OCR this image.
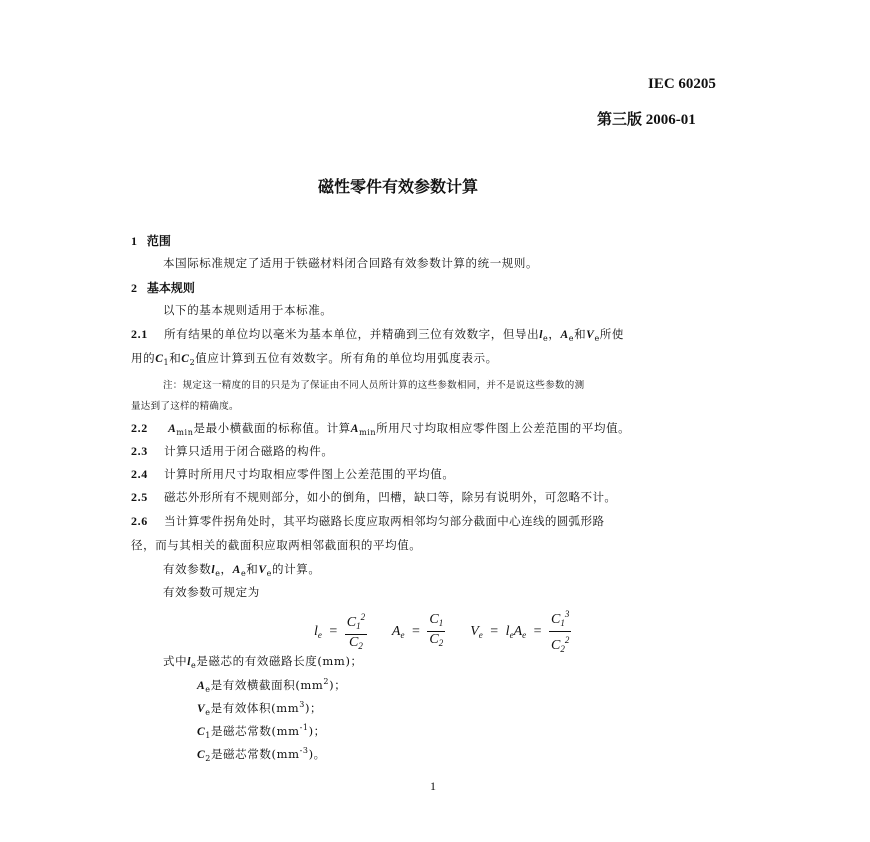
IEC 60205
第三版 2006-01
磁性零件有效参数计算
1 范围
本国际标准规定了适用于铁磁材料闭合回路有效参数计算的统一规则。
2 基本规则
以下的基本规则适用于本标准。
2.1 所有结果的单位均以毫米为基本单位，并精确到三位有效数字，但导出$l_e$，$A_e$和$V_e$所使
用的$C_1$和$C_2$值应计算到五位有效数字。所有角的单位均用弧度表示。
注：规定这一精度的目的只是为了保证由不同人员所计算的这些参数相同，并不是说这些参数的测
量达到了这样的精确度。
2.2 $A_{min}$是最小横截面的标称值。计算$A_{min}$所用尺寸均取相应零件图上公差范围的平均值。
2.3 计算只适用于闭合磁路的构件。
2.4 计算时所用尺寸均取相应零件图上公差范围的平均值。
2.5 磁芯外形所有不规则部分，如小的倒角，凹槽，缺口等，除另有说明外，可忽略不计。
2.6 当计算零件拐角处时，其平均磁路长度应取两相邻均匀部分截面中心连线的圆弧形路
径，而与其相关的截面积应取两相邻截面积的平均值。
有效参数$l_e$，$A_e$和$V_e$的计算。
有效参数可规定为
$l_e = \frac{C_1^2}{C_2} A_e = \frac{C_1}{C_2} V_e = l_eA_e = \frac{C_1^3}{C_2^2}$
式中$l_e$是磁芯的有效磁路长度(mm)；
$A_e$是有效横截面积$(mm^2)$；
$V_e$是有效体积$(mm^3)$；
$C_1$是磁芯常数$(mm^{-1})$；
$C_2$是磁芯常数$(mm^{-3})$。
1
